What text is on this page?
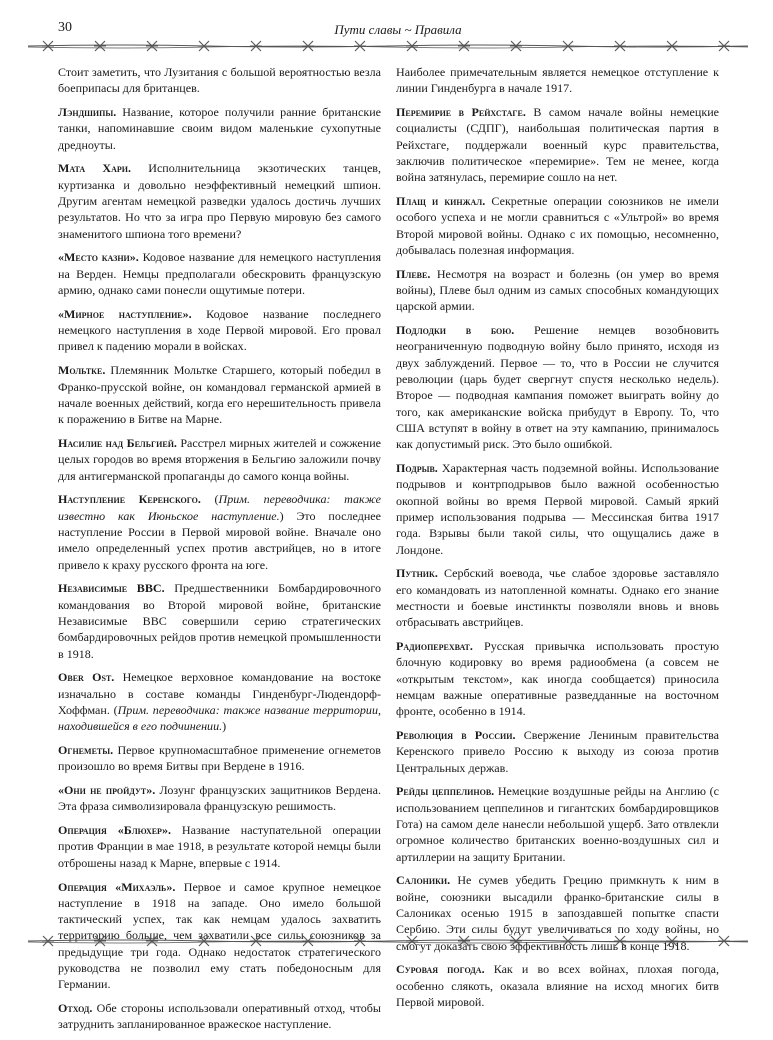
30	Пути славы ~ Правила

Стоит заметить, что Лузитания с большой вероятностью везла боеприпасы для британцев.

Лэндшипы. Название, которое получили ранние британские танки, напоминавшие своим видом маленькие сухопутные дредноуты.

Мата Хари. Исполнительница экзотических танцев, куртизанка и довольно неэффективный немецкий шпион. Другим агентам немецкой разведки удалось достичь лучших результатов. Но что за игра про Первую мировую без самого знаменитого шпиона того времени?

«Место казни». Кодовое название для немецкого наступления на Верден. Немцы предполагали обескровить французскую армию, однако сами понесли ощутимые потери.

«Мирное наступление». Кодовое название последнего немецкого наступления в ходе Первой мировой. Его провал привел к падению морали в войсках.

Мольтке. Племянник Мольтке Старшего, который победил в Франко-прусской войне, он командовал германской армией в начале военных действий, когда его нерешительность привела к поражению в Битве на Марне.

Насилие над Бельгией. Расстрел мирных жителей и сожжение целых городов во время вторжения в Бельгию заложили почву для антигерманской пропаганды до самого конца войны.

Наступление Керенского. (Прим. переводчика: также известно как Июньское наступление.) Это последнее наступление России в Первой мировой войне. Вначале оно имело определенный успех против австрийцев, но в итоге привело к краху русского фронта на юге.

Независимые ВВС. Предшественники Бомбардировочного командования во Второй мировой войне, британские Независимые ВВС совершили серию стратегических бомбардировочных рейдов против немецкой промышленности в 1918.

Ober Ost. Немецкое верховное командование на востоке изначально в составе команды Гинденбург-Людендорф-Хоффман. (Прим. переводчика: также название территории, находившейся в его подчинении.)

Огнеметы. Первое крупномасштабное применение огнеметов произошло во время Битвы при Вердене в 1916.

«Они не пройдут». Лозунг французских защитников Вердена. Эта фраза символизировала французскую решимость.

Операция «Блюхер». Название наступательной операции против Франции в мае 1918, в результате которой немцы были отброшены назад к Марне, впервые с 1914.

Операция «Михаэль». Первое и самое крупное немецкое наступление в 1918 на западе. Оно имело большой тактический успех, так как немцам удалось захватить территорию больше, чем захватили все силы союзников за предыдущие три года. Однако недостаток стратегического руководства не позволил ему стать победоносным для Германии.

Отход. Обе стороны использовали оперативный отход, чтобы затруднить запланированное вражеское наступление.

Наиболее примечательным является немецкое отступление к линии Гинденбурга в начале 1917.

Перемирие в Рейхстаге. В самом начале войны немецкие социалисты (СДПГ), наибольшая политическая партия в Рейхстаге, поддержали военный курс правительства, заключив политическое «перемирие». Тем не менее, когда война затянулась, перемирие сошло на нет.

Плащ и кинжал. Секретные операции союзников не имели особого успеха и не могли сравниться с «Ультрой» во время Второй мировой войны. Однако с их помощью, несомненно, добывалась полезная информация.

Плеве. Несмотря на возраст и болезнь (он умер во время войны), Плеве был одним из самых способных командующих царской армии.

Подлодки в бою. Решение немцев возобновить неограниченную подводную войну было принято, исходя из двух заблуждений. Первое — то, что в России не случится революции (царь будет свергнут спустя несколько недель). Второе — подводная кампания поможет выиграть войну до того, как американские войска прибудут в Европу. То, что США вступят в войну в ответ на эту кампанию, принималось как допустимый риск. Это было ошибкой.

Подрыв. Характерная часть подземной войны. Использование подрывов и контрподрывов было важной особенностью окопной войны во время Первой мировой. Самый яркий пример использования подрыва — Мессинская битва 1917 года. Взрывы были такой силы, что ощущались даже в Лондоне.

Путник. Сербский воевода, чье слабое здоровье заставляло его командовать из натопленной комнаты. Однако его знание местности и боевые инстинкты позволяли вновь и вновь отбрасывать австрийцев.

Радиоперехват. Русская привычка использовать простую блочную кодировку во время радиообмена (а совсем не «открытым текстом», как иногда сообщается) приносила немцам важные оперативные разведданные на восточном фронте, особенно в 1914.

Революция в России. Свержение Лениным правительства Керенского привело Россию к выходу из союза против Центральных держав.

Рейды цеппелинов. Немецкие воздушные рейды на Англию (с использованием цеппелинов и гигантских бомбардировщиков Гота) на самом деле нанесли небольшой ущерб. Зато отвлекли огромное количество британских военно-воздушных сил и артиллерии на защиту Британии.

Салоники. Не сумев убедить Грецию примкнуть к ним в войне, союзники высадили франко-британские силы в Салониках осенью 1915 в запоздавшей попытке спасти Сербию. Эти силы будут увеличиваться по ходу войны, но смогут доказать свою эффективность лишь в конце 1918.

Суровая погода. Как и во всех войнах, плохая погода, особенно слякоть, оказала влияние на исход многих битв Первой мировой.
